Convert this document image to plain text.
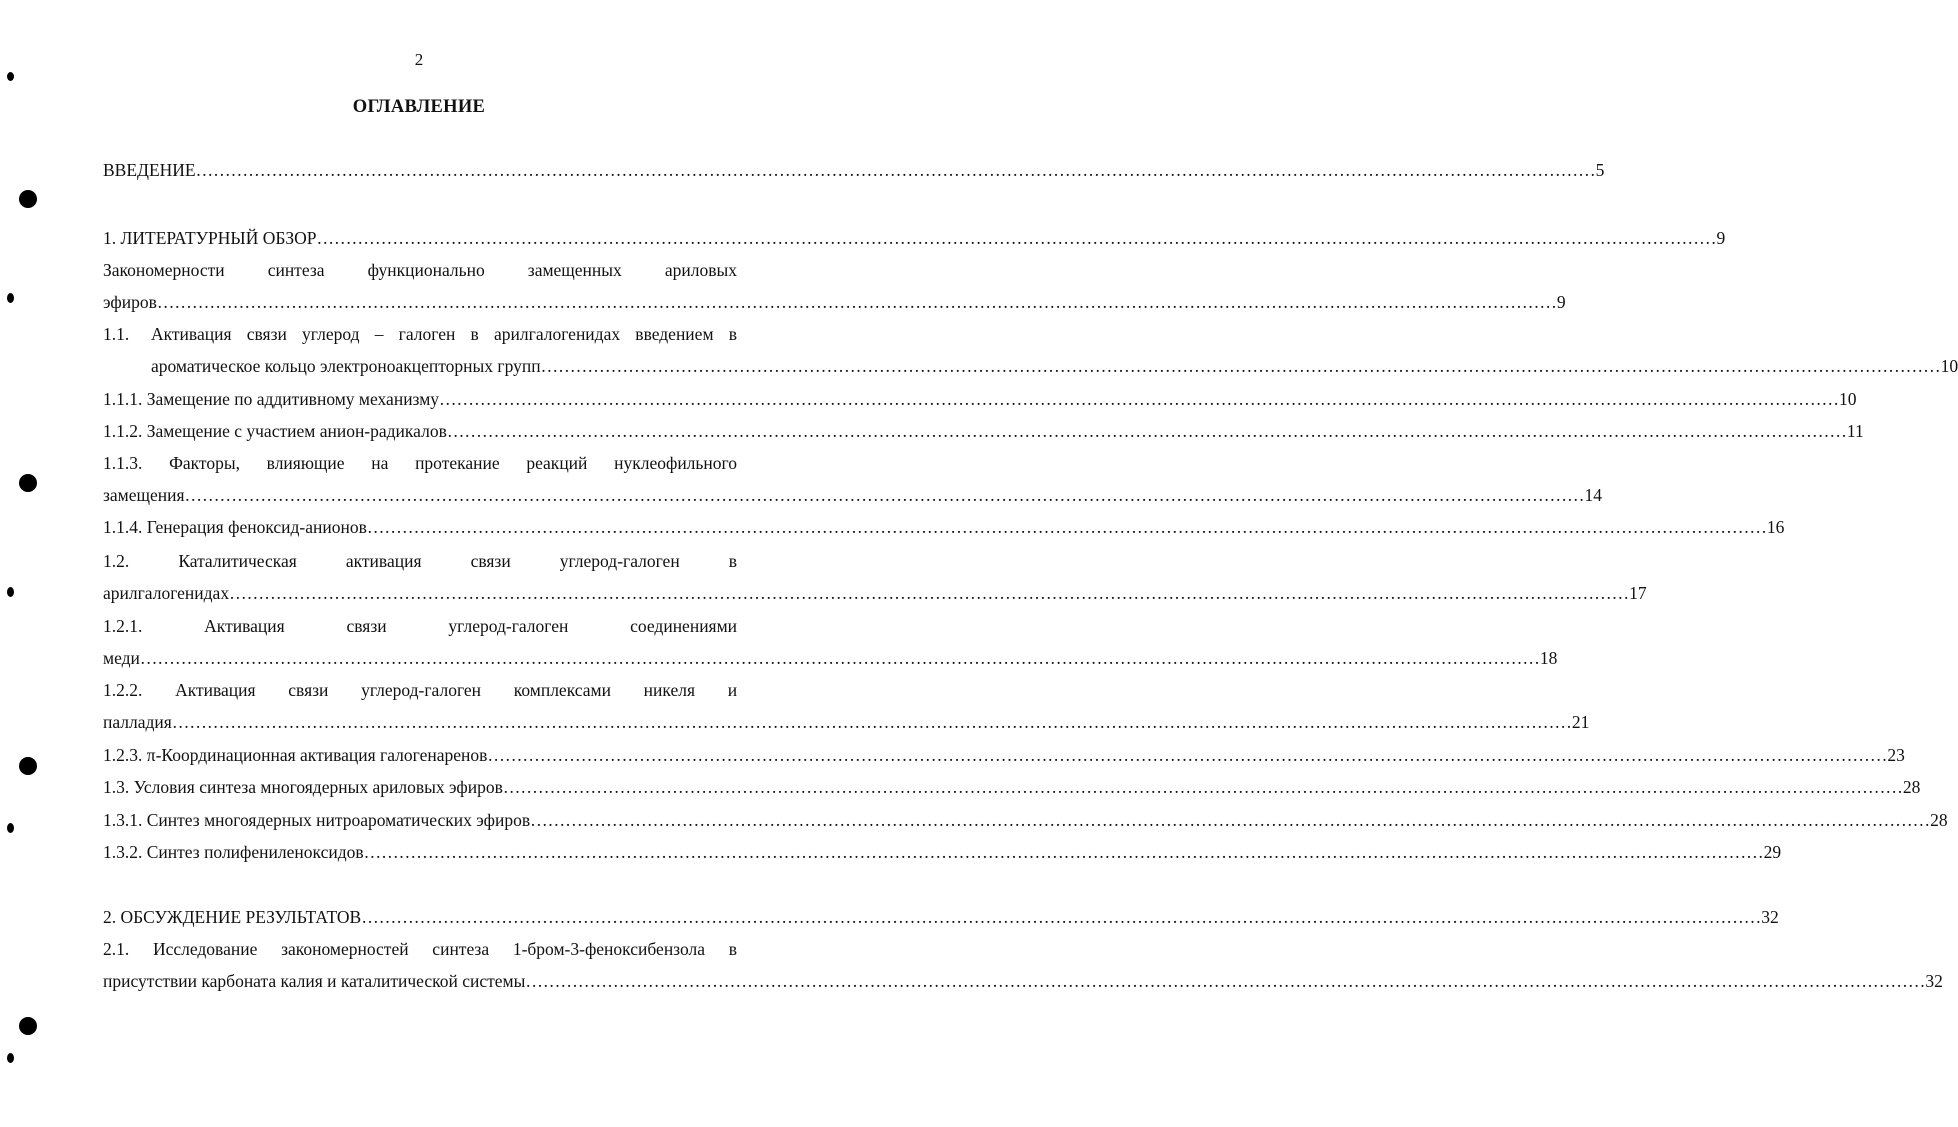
2
ОГЛАВЛЕНИЕ
ВВЕДЕНИЕ …………………………………………………………………………………………………………………………………………………………………………………………………………………… 5
1. ЛИТЕРАТУРНЫЙ ОБЗОР …………………………………………………………………………………………………………………………………………………………………………………………………………………… 9
Закономерности синтеза функционально замещенных ариловых
эфиров …………………………………………………………………………………………………………………………………………………………………………………………………………………… 9
1.1. Активация связи углерод – галоген в арилгалогенидах введением в
ароматическое кольцо электроноакцепторных групп …………………………………………………………………………………………………………………………………………………………………………………………………………………… 10
1.1.1. Замещение по аддитивному механизму …………………………………………………………………………………………………………………………………………………………………………………………………………………… 10
1.1.2. Замещение с участием анион-радикалов …………………………………………………………………………………………………………………………………………………………………………………………………………………… 11
1.1.3. Факторы, влияющие на протекание реакций нуклеофильного
замещения …………………………………………………………………………………………………………………………………………………………………………………………………………………… 14
1.1.4. Генерация феноксид-анионов …………………………………………………………………………………………………………………………………………………………………………………………………………………… 16
1.2.	Каталитическая	активация	связи	углерод-галоген	в
арилгалогенидах …………………………………………………………………………………………………………………………………………………………………………………………………………………… 17
1.2.1.	Активация	связи	углерод-галоген	соединениями
меди …………………………………………………………………………………………………………………………………………………………………………………………………………………… 18
1.2.2. Активация связи углерод-галоген комплексами никеля и
палладия …………………………………………………………………………………………………………………………………………………………………………………………………………………… 21
1.2.3. π-Координационная активация галогенаренов …………………………………………………………………………………………………………………………………………………………………………………………………………………… 23
1.3. Условия синтеза многоядерных ариловых эфиров …………………………………………………………………………………………………………………………………………………………………………………………………………………… 28
1.3.1. Синтез многоядерных нитроароматических эфиров …………………………………………………………………………………………………………………………………………………………………………………………………………………… 28
1.3.2. Синтез полифениленоксидов …………………………………………………………………………………………………………………………………………………………………………………………………………………… 29
2. ОБСУЖДЕНИЕ РЕЗУЛЬТАТОВ …………………………………………………………………………………………………………………………………………………………………………………………………………………… 32
2.1. Исследование закономерностей синтеза 1-бром-3-феноксибензола в
присутствии карбоната калия и каталитической системы …………………………………………………………………………………………………………………………………………………………………………………………………………………… 32
